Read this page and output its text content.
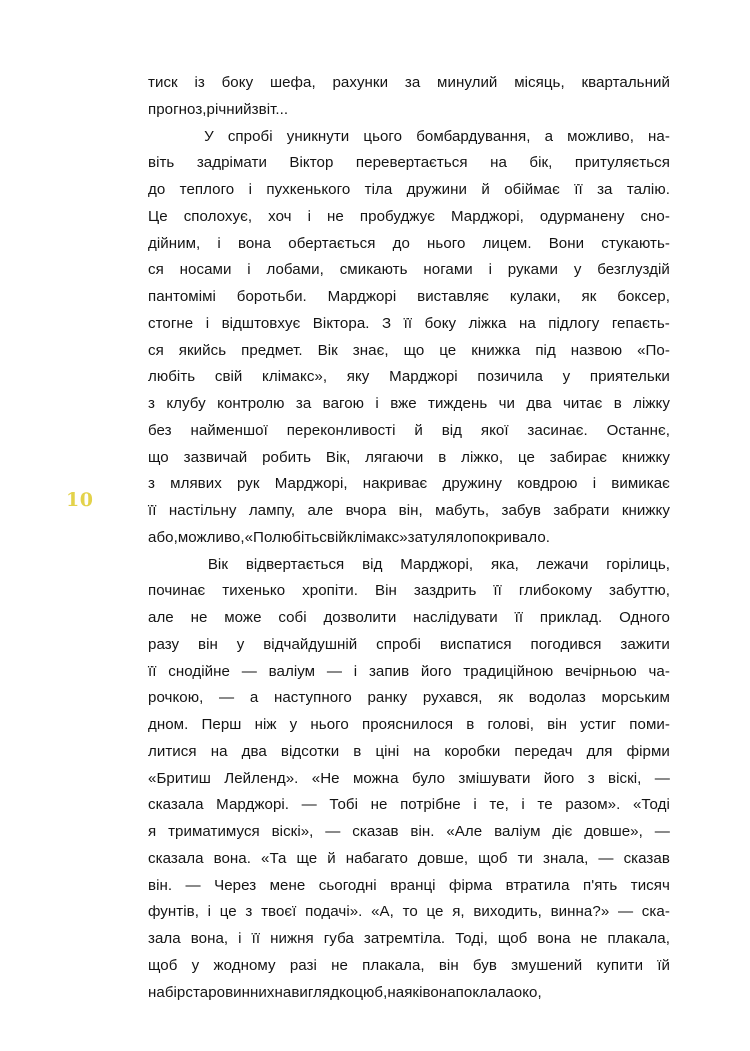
10
тиск із боку шефа, рахунки за минулий місяць, квартальний
прогноз, річний звіт...
У спробі уникнути цього бомбардування, а можливо, на-
віть задрімати Віктор перевертається на бік, притуляється
до теплого і пухкенького тіла дружини й обіймає її за талію.
Це сполохує, хоч і не пробуджує Марджорі, одурманену сно-
дійним, і вона обертається до нього лицем. Вони стукають-
ся носами і лобами, смикають ногами і руками у безглуздій
пантомімі боротьби. Марджорі виставляє кулаки, як боксер,
стогне і відштовхує Віктора. З її боку ліжка на підлогу гепаєть-
ся якийсь предмет. Вік знає, що це книжка під назвою «По-
любіть свій клімакс», яку Марджорі позичила у приятельки
з клубу контролю за вагою і вже тиждень чи два читає в ліжку
без найменшої переконливості й від якої засинає. Останнє,
що зазвичай робить Вік, лягаючи в ліжко, це забирає книжку
з млявих рук Марджорі, накриває дружину ковдрою і вимикає
її настільну лампу, але вчора він, мабуть, забув забрати книжку
або, можливо, «Полюбіть свій клімакс» затуляло покривало.
Вік відвертається від Марджорі, яка, лежачи горілиць,
починає тихенько хропіти. Він заздрить її глибокому забуттю,
але не може собі дозволити наслідувати її приклад. Одного
разу він у відчайдушній спробі виспатися погодився зажити
її снодійне — валіум — і запив його традиційною вечірньою ча-
рочкою, — а наступного ранку рухався, як водолаз морським
дном. Перш ніж у нього прояснилося в голові, він устиг поми-
литися на два відсотки в ціні на коробки передач для фірми
«Бритиш Лейленд». «Не можна було змішувати його з віскі, —
сказала Марджорі. — Тобі не потрібне і те, і те разом». «Тоді
я триматимуся віскі», — сказав він. «Але валіум діє довше», —
сказала вона. «Та ще й набагато довше, щоб ти знала, — сказав
він. — Через мене сьогодні вранці фірма втратила п'ять тисяч
фунтів, і це з твоєї подачі». «А, то це я, виходить, винна?» — ска-
зала вона, і її нижня губа затремтіла. Тоді, щоб вона не плакала,
щоб у жодному разі не плакала, він був змушений купити їй
набір старовинних на вигляд коцюб, на які вона поклала око,
